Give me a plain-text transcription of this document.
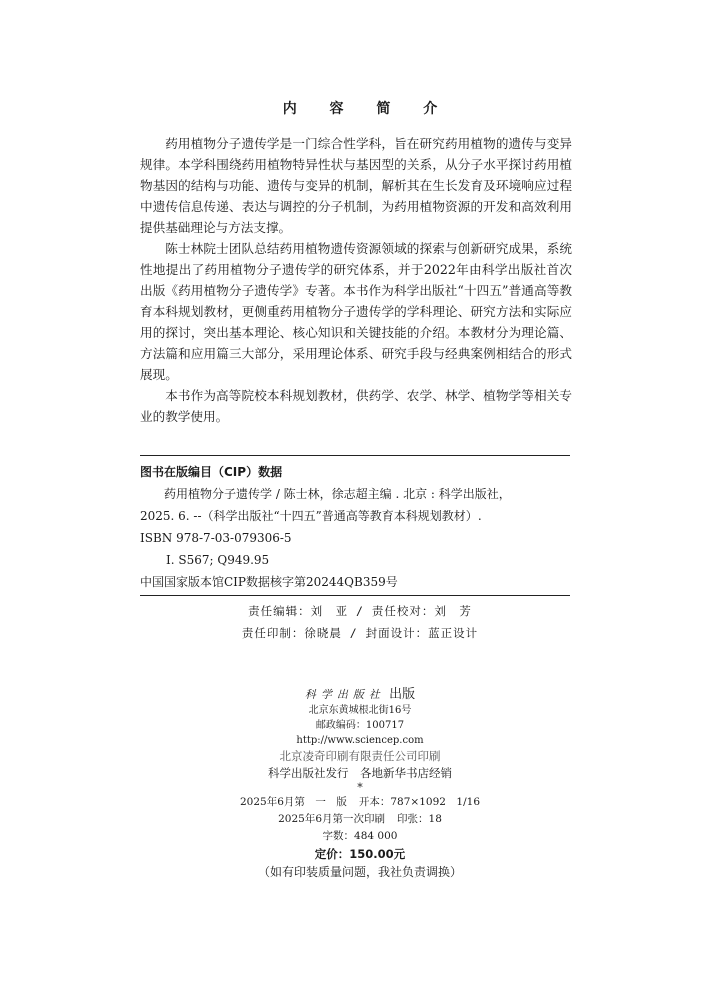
内 容 简 介

药用植物分子遗传学是一门综合性学科，旨在研究药用植物的遗传与变异规律。本学科围绕药用植物特异性状与基因型的关系，从分子水平探讨药用植物基因的结构与功能、遗传与变异的机制，解析其在生长发育及环境响应过程中遗传信息传递、表达与调控的分子机制，为药用植物资源的开发和高效利用提供基础理论与方法支撑。

陈士林院士团队总结药用植物遗传资源领域的探索与创新研究成果，系统性地提出了药用植物分子遗传学的研究体系，并于2022年由科学出版社首次出版《药用植物分子遗传学》专著。本书作为科学出版社“十四五”普通高等教育本科规划教材，更侧重药用植物分子遗传学的学科理论、研究方法和实际应用的探讨，突出基本理论、核心知识和关键技能的介绍。本教材分为理论篇、方法篇和应用篇三大部分，采用理论体系、研究手段与经典案例相结合的形式展现。

本书作为高等院校本科规划教材，供药学、农学、林学、植物学等相关专业的教学使用。

图书在版编目（CIP）数据
药用植物分子遗传学 / 陈士林，徐志超主编 . 北京 : 科学出版社，
2025. 6. --（科学出版社“十四五”普通高等教育本科规划教材）.
ISBN 978-7-03-079306-5
Ⅰ. S567; Q949.95
中国国家版本馆CIP数据核字第20244QB359号
责任编辑：刘　亚 / 责任校对：刘　芳
责任印制：徐晓晨 / 封面设计：蓝正设计
科学出版社 出版
北京东黄城根北街16号
邮政编码：100717
http://www.sciencep.com
北京凌奇印刷有限责任公司印刷
科学出版社发行　各地新华书店经销
*
2025年6月第　一　版 开本：787×1092　1/16
2025年6月第一次印刷 印张：18
字数：484 000
定价：150.00元
（如有印装质量问题，我社负责调换）
